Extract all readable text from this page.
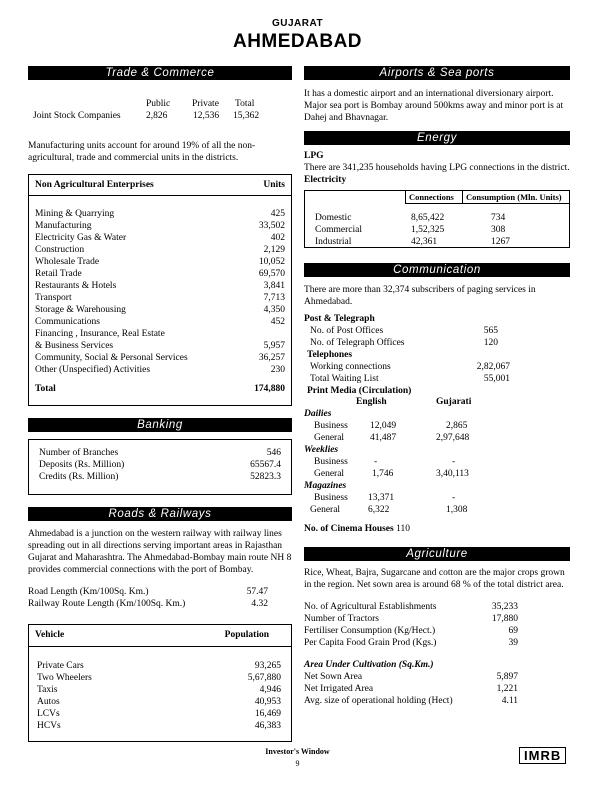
GUJARAT
AHMEDABAD
Trade & Commerce
Public	Private Total
Joint Stock Companies	2,826	12,536 15,362

Manufacturing units account for around 19% of all the non-agricultural, trade and commercial units in the districts.

Non Agricultural Enterprises	Units
Mining & Quarrying	425
Manufacturing	33,502
Electricity Gas & Water	402
Construction	2,129
Wholesale Trade	10,052
Retail Trade	69,570
Restaurants & Hotels	3,841
Transport	7,713
Storage & Warehousing	4,350
Communications	452
Financing , Insurance, Real Estate
& Business Services	5,957
Community, Social & Personal Services	36,257
Other (Unspecified) Activities	230
Total	174,880
Banking
Number of Branches	546
Deposits (Rs. Million)	65567.4
Credits (Rs. Million)	52823.3
Roads & Railways

Ahmedabad is a junction on the western railway with railway lines spreading out in all directions serving important areas in Rajasthan Gujarat and Maharashtra. The Ahmedabad-Bombay main route NH 8 provides commercial connections with the port of Bombay.

Road Length (Km/100Sq. Km.)	57.47
Railway Route Length (Km/100Sq. Km.)	4.32
Vehicle	Population
Private Cars	93,265
Two Wheelers	5,67,880
Taxis	4,946
Autos	40,953
LCVs	16,469
HCVs	46,383
Airports & Sea ports

It has a domestic airport and an international diversionary airport. Major sea port is Bombay around 500kms away and minor port is at Dahej and Bhavnagar.

Energy

LPG

There are 341,235 households having LPG connections in the district.

Electricity

Connections Consumption (Mln. Units)
Domestic	8,65,422	734
Commercial	1,52,325	308
Industrial	42,361	1267
Communication

There are more than 32,374 subscribers of paging services in Ahmedabad.

Post & Telegraph

No. of Post Offices	565
No. of Telegraph Offices	120

Telephones

Working connections	2,82,067
Total Waiting List	55,001

Print Media (Circulation)

English	Gujarati
Dailies
Business 12,049	2,865
General	41,487	2,97,648
Weeklies
Business	-	-
General	1,746	3,40,113
Magazines
Business 13,371	-
General	6,322	1,308

No. of Cinema Houses 110

Agriculture

Rice, Wheat, Bajra, Sugarcane and cotton are the major crops grown in the region. Net sown area is around 68 % of the total district area.

No. of Agricultural Establishments	35,233
Number of Tractors	17,880
Fertiliser Consumption (Kg/Hect.)	69
Per Capita Food Grain Prod (Kgs.)	39

Area Under Cultivation (Sq.Km.)

Net Sown Area	5,897
Net Irrigated Area	1,221
Avg. size of operational holding (Hect)	4.11
Investor's Window
9
IMRB
